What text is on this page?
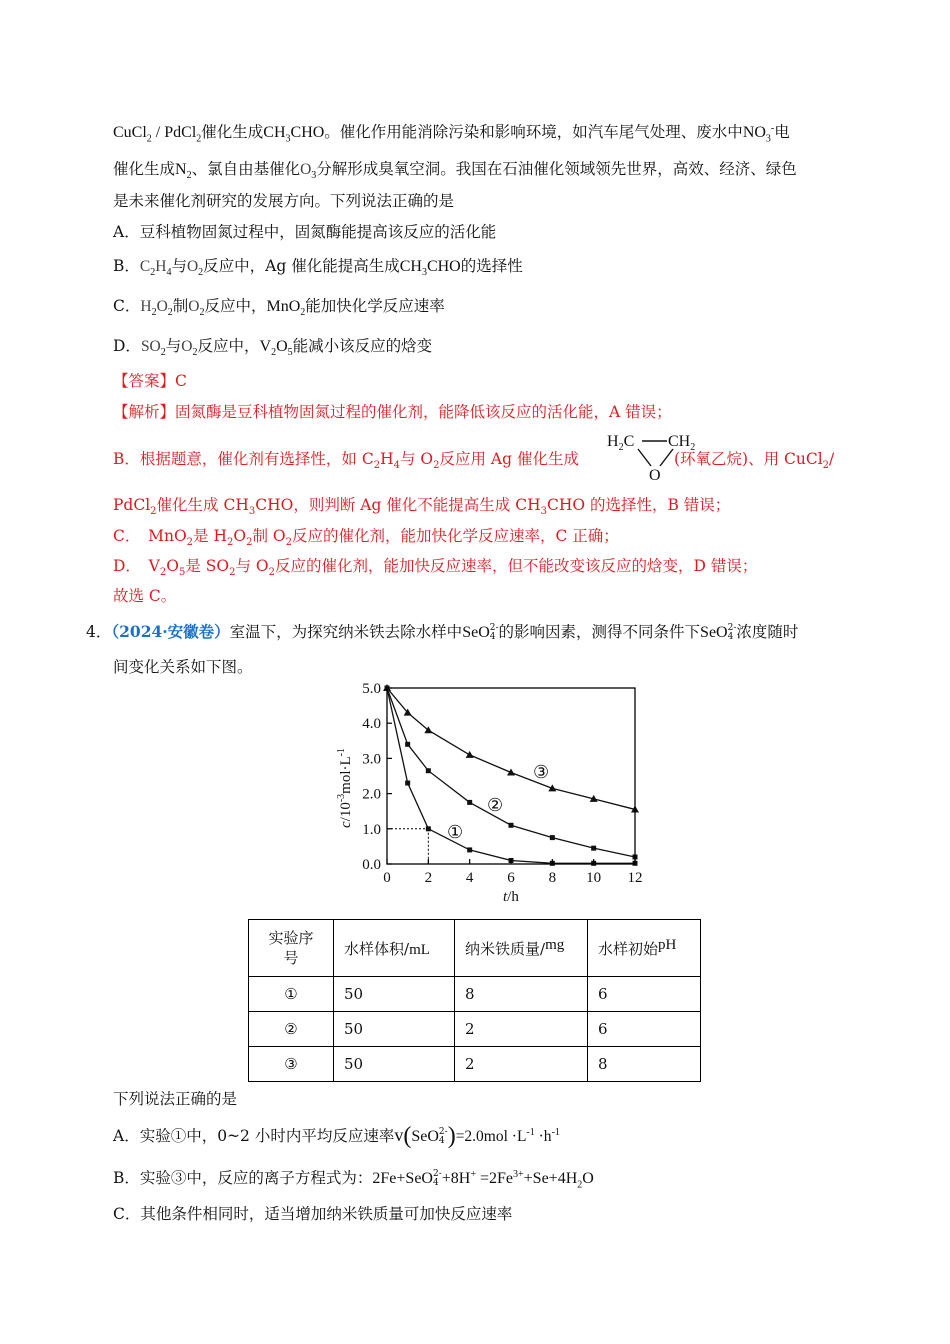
CuCl$_2$ / PdCl$_2$催化生成$CH_3CHO$。催化作用能消除污染和影响环境，如汽车尾气处理、废水中$NO_3^-$电
催化生成$N_2$、氯自由基催化$O_3$分解形成臭氧空洞。我国在石油催化领域领先世界，高效、经济、绿色
是未来催化剂研究的发展方向。下列说法正确的是
A．豆科植物固氮过程中，固氮酶能提高该反应的活化能
B．$C_2H_4$与$O_2$反应中，Ag 催化能提高生成$CH_3CHO$的选择性
C．$H_2O_2$制$O_2$反应中，MnO$_2$能加快化学反应速率
D．$SO_2$与$O_2$反应中，$V_2O_5$能减小该反应的焓变
【答案】C
【解析】固氮酶是豆科植物固氮过程的催化剂，能降低该反应的活化能，A 错误；
B．根据题意，催化剂有选择性，如 $C_2H_4$与 $O_2$反应用 Ag 催化生成	(环氧乙烷)、用 CuCl$_2$/
$H_2C$ $CH_2$
O
PdCl$_2$催化生成 $CH_3CHO$，则判断 Ag 催化不能提高生成 $CH_3CHO$ 的选择性，B 错误；
C．　MnO$_2$是 $H_2O_2$制 $O_2$反应的催化剂，能加快化学反应速率，C 正确；
D．　$V_2O_5$是 $SO_2$与 $O_2$反应的催化剂，能加快反应速率，但不能改变该反应的焓变，D 错误；
故选 C。
4．（2024·安徽卷）室温下，为探究纳米铁去除水样中SeO 2-
4 的影响因素，测得不同条件下SeO 2-
4 浓度随时
间变化关系如下图。
0.0
1.0
2.0
3.0
4.0
5.0
0 2 4 6 8 10 12
①
②
③
t/h
$c/10^{-3}mol\cdot L^{-1}$
实验序
号	水样体积/mL	纳米铁质量/mg	水样初始pH
①	50	8	6
②	50	2	6
③	50	2	8
下列说法正确的是
A．实验①中，0~2 小时内平均反应速率v(SeO 2-
4 )$=2.0mol \cdot L^{-1} \cdot h^{-1}$
B．实验③中，反应的离子方程式为：2Fe+SeO 2-
$4 +8H^+ =2Fe^{3+}+Se+4H_2O$
C．其他条件相同时，适当增加纳米铁质量可加快反应速率
